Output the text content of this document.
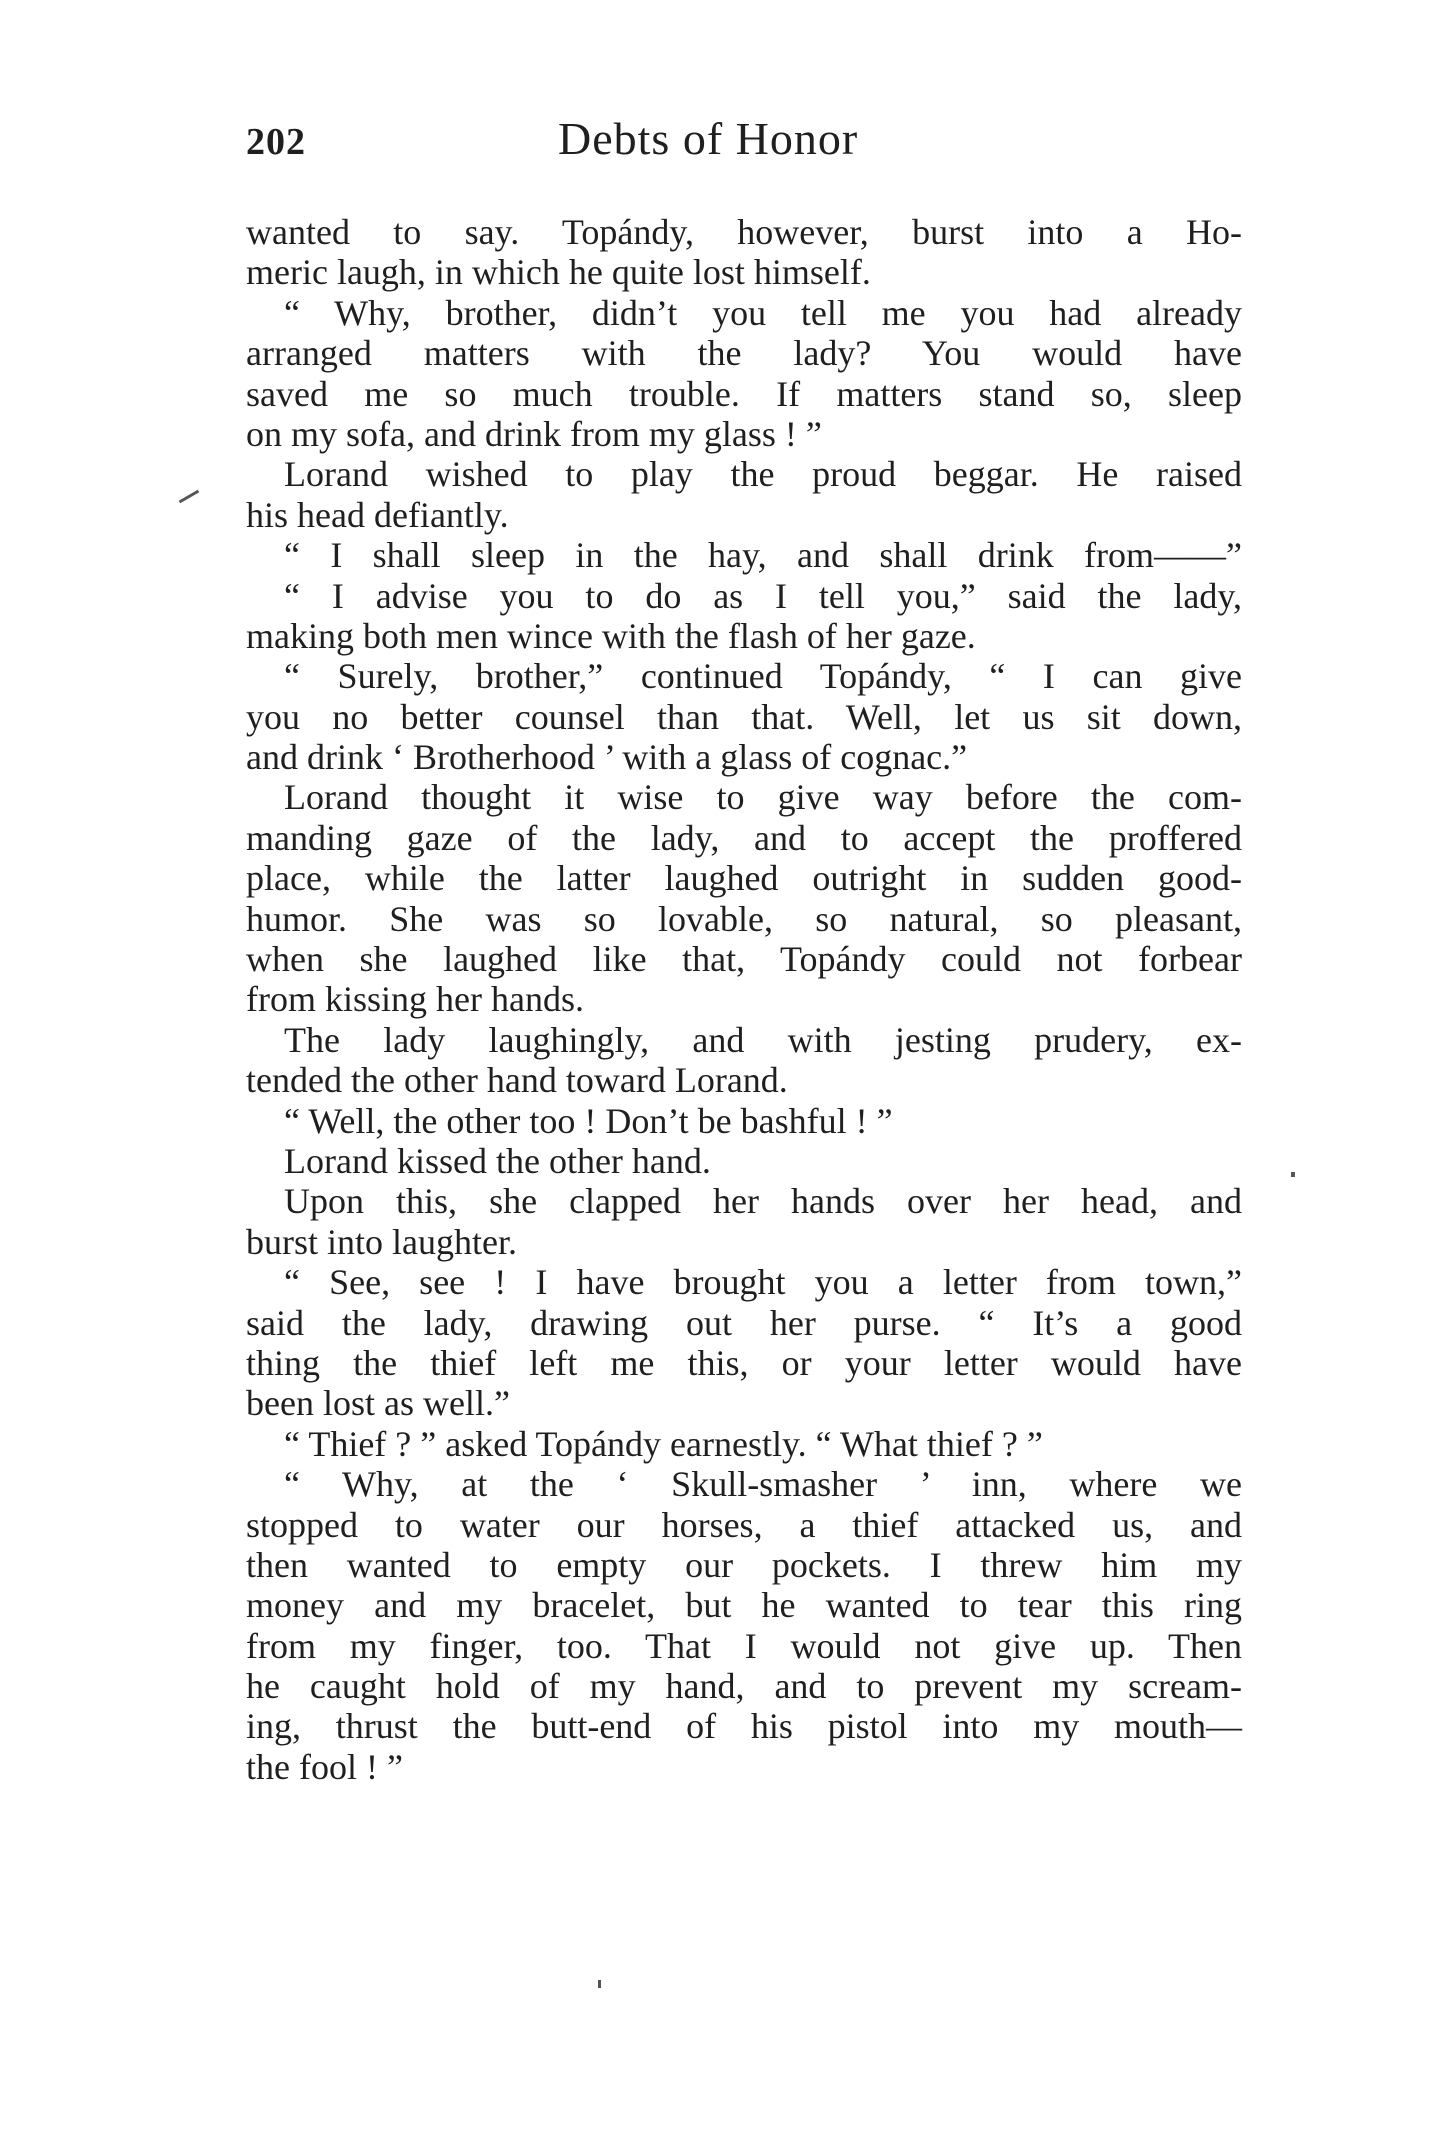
202	Debts of Honor
wanted to say. Topándy, however, burst into a Ho-
meric laugh, in which he quite lost himself.
“ Why, brother, didn’t you tell me you had already
arranged matters with the lady? You would have
saved me so much trouble. If matters stand so, sleep
on my sofa, and drink from my glass ! ”
Lorand wished to play the proud beggar. He raised
his head defiantly.
“ I shall sleep in the hay, and shall drink from——”
“ I advise you to do as I tell you,” said the lady,
making both men wince with the flash of her gaze.
“ Surely, brother,” continued Topándy, “ I can give
you no better counsel than that. Well, let us sit down,
and drink ‘ Brotherhood ’ with a glass of cognac.”
Lorand thought it wise to give way before the com-
manding gaze of the lady, and to accept the proffered
place, while the latter laughed outright in sudden good-
humor. She was so lovable, so natural, so pleasant,
when she laughed like that, Topándy could not forbear
from kissing her hands.
The lady laughingly, and with jesting prudery, ex-
tended the other hand toward Lorand.
“ Well, the other too ! Don’t be bashful ! ”
Lorand kissed the other hand.
Upon this, she clapped her hands over her head, and
burst into laughter.
“ See, see ! I have brought you a letter from town,”
said the lady, drawing out her purse. “ It’s a good
thing the thief left me this, or your letter would have
been lost as well.”
“ Thief ? ” asked Topándy earnestly. “ What thief ? ”
“ Why, at the ‘ Skull-smasher ’ inn, where we
stopped to water our horses, a thief attacked us, and
then wanted to empty our pockets. I threw him my
money and my bracelet, but he wanted to tear this ring
from my finger, too. That I would not give up. Then
he caught hold of my hand, and to prevent my scream-
ing, thrust the butt-end of his pistol into my mouth—
the fool ! ”
